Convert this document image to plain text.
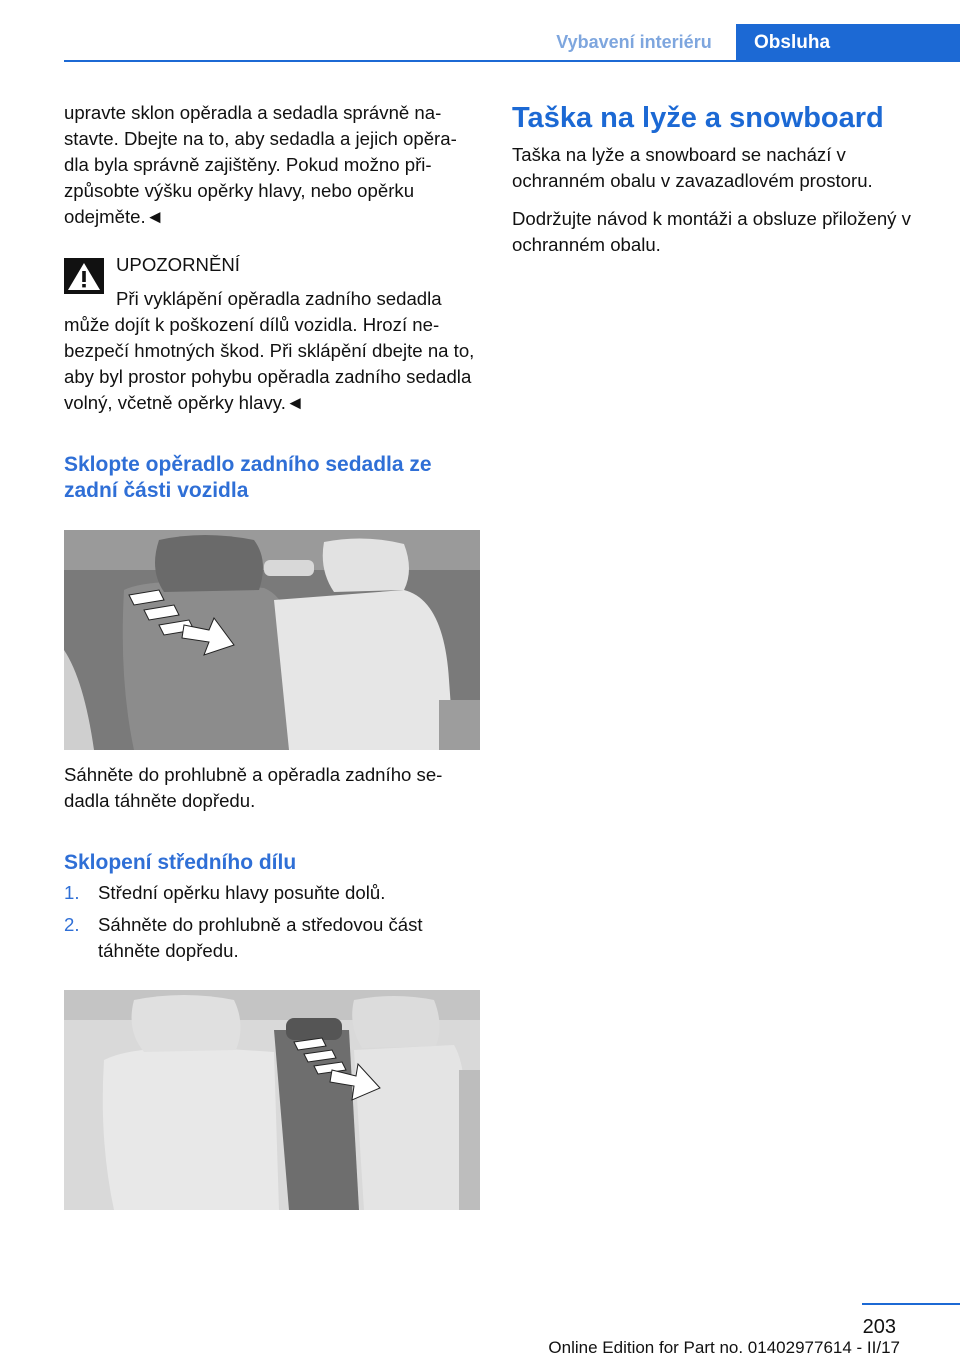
Vybavení interiéru	Obsluha

upravte sklon opěradla a sedadla správně na‐ stavte. Dbejte na to, aby sedadla a jejich opěra‐ dla byla správně zajištěny. Pokud možno při‐ způsobte výšku opěrky hlavy, nebo opěrku odejměte.◄

UPOZORNĚNÍ

Při vyklápění opěradla zadního sedadla může dojít k poškození dílů vozidla. Hrozí ne‐ bezpečí hmotných škod. Při sklápění dbejte na to, aby byl prostor pohybu opěradla zadního sedadla volný, včetně opěrky hlavy.◄

Sklopte opěradlo zadního sedadla ze zadní části vozidla

Sáhněte do prohlubně a opěradla zadního se‐ dadla táhněte dopředu.

Sklopení středního dílu
1. Střední opěrku hlavy posuňte dolů.
2. Sáhněte do prohlubně a středovou část táhněte dopředu.
Taška na lyže a snowboard

Taška na lyže a snowboard se nachází v ochranném obalu v zavazadlovém prostoru.

Dodržujte návod k montáži a obsluze přiložený v ochranném obalu.

203
Online Edition for Part no. 01402977614 - II/17
